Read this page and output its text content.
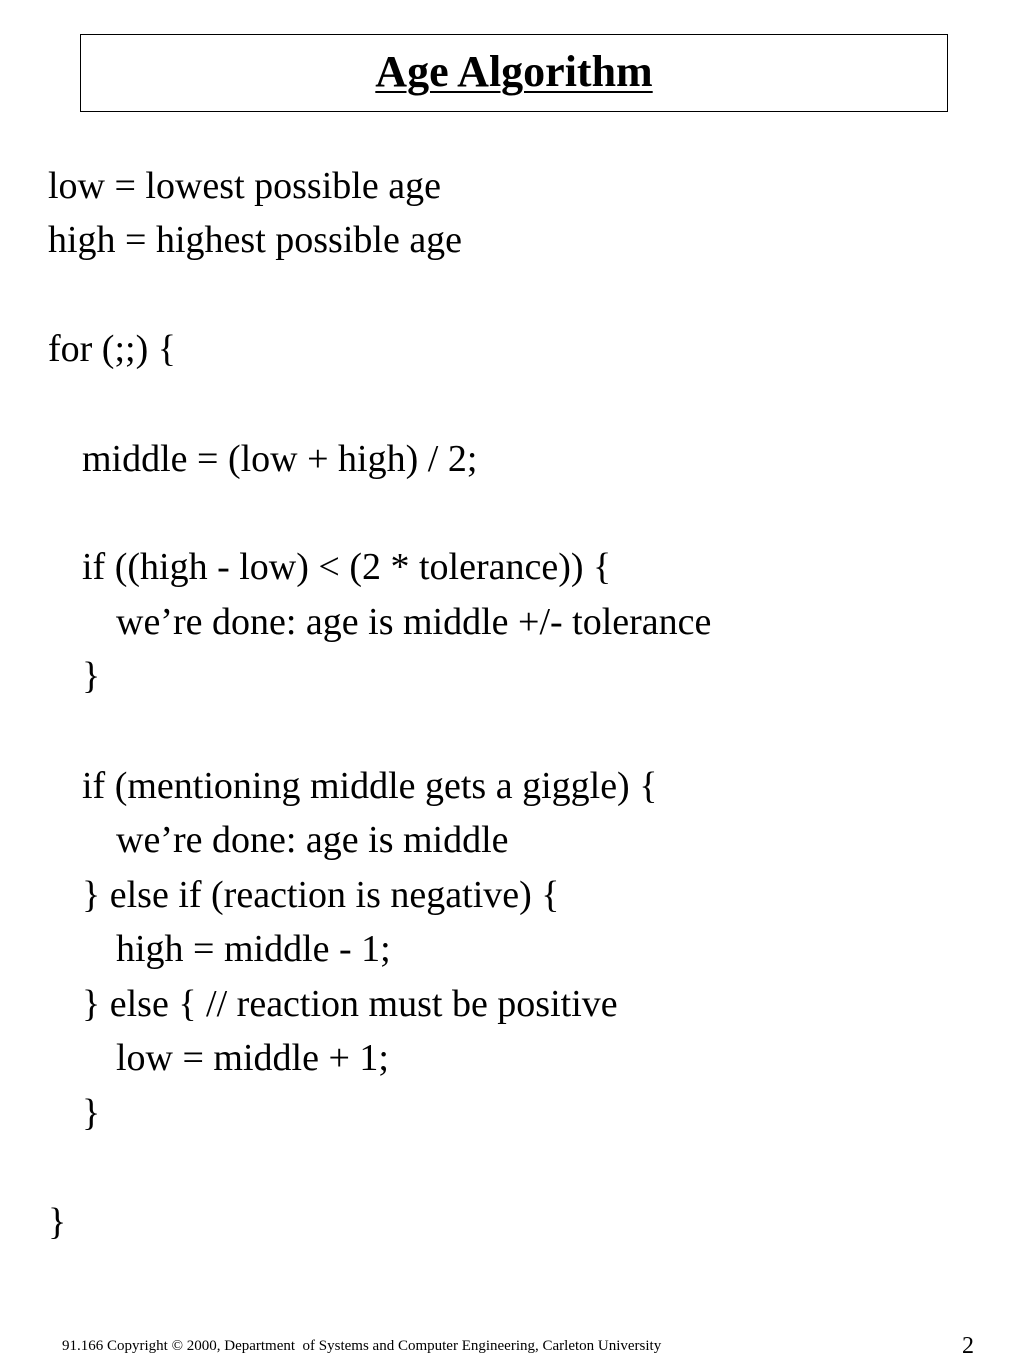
Age Algorithm
low = lowest possible age
high = highest possible age
for (;;) {
middle = (low + high) / 2;
if ((high - low) < (2 * tolerance)) {
we’re done: age is middle +/- tolerance
}
if (mentioning middle gets a giggle) {
we’re done: age is middle
} else if (reaction is negative) {
high = middle - 1;
} else { // reaction must be positive
low = middle + 1;
}
}
91.166 Copyright © 2000, Department  of Systems and Computer Engineering, Carleton University	2
